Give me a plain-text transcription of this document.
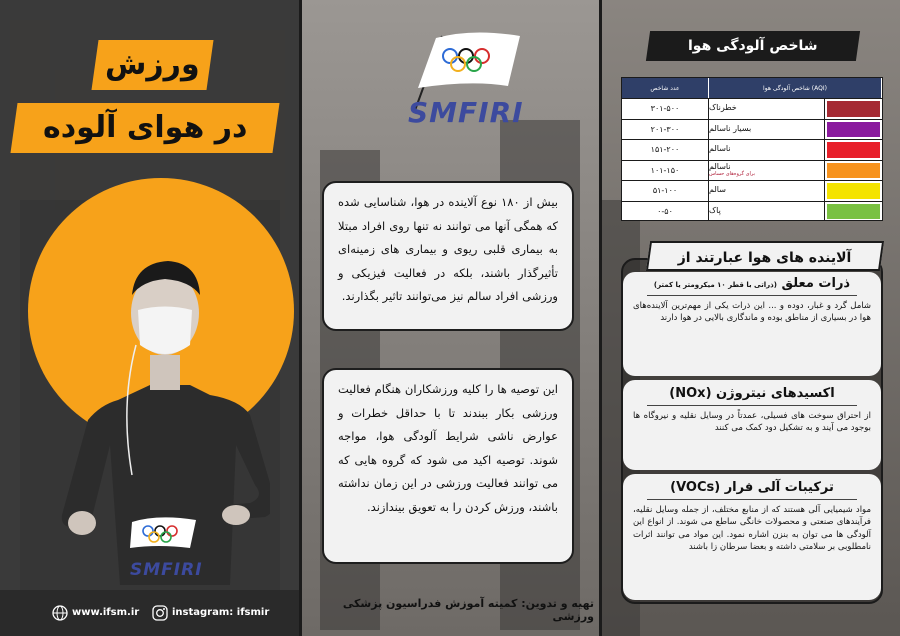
ورزش
در هوای آلوده
SMFIRI
www.ifsm.ir	instagram: ifsmir
SMFIRI
بیش از ۱۸۰ نوع آلاینده در هوا، شناسایی شده که همگی آنها می توانند نه تنها روی افراد مبتلا به بیماری قلبی ریوی و بیماری های زمینه‌ای تأثیرگذار باشند، بلکه در فعالیت فیزیکی و ورزشی افراد سالم نیز می‌توانند تاثیر بگذارند.
این توصیه ها را کلیه ورزشکاران هنگام فعالیت ورزشی بکار ببندند تا با حداقل خطرات و عوارض ناشی شرایط آلودگی هوا، مواجه شوند. توصیه اکید می شود که گروه هایی که می توانند فعالیت ورزشی در این زمان نداشته باشند، ورزش کردن را به تعویق بیندازند.
تهیه و تدوین: کمیته آموزش فدراسیون پزشکی ورزشی
شاخص آلودگی هوا
عدد شاخص	شاخص آلودگی هوا (AQI)
۳۰۱-۵۰۰	خطرناک
۲۰۱-۳۰۰	بسیار ناسالم
۱۵۱-۲۰۰	ناسالم
۱۰۱-۱۵۰	ناسالم
برای گروه‌های حساس
۵۱-۱۰۰	سالم
۰-۵۰	پاک
آلاینده های هوا عبارتند از
ذرات معلق (ذراتی با قطر ۱۰ میکرومتر یا کمتر)
شامل گرد و غبار، دوده و ... این ذرات یکی از مهم‌ترین آلاینده‌های هوا در بسیاری از مناطق بوده و ماندگاری بالایی در هوا دارند
اکسیدهای نیتروژن (NOx)
از احتراق سوخت های فسیلی، عمدتاً در وسایل نقلیه و نیروگاه ها بوجود می آیند و به تشکیل دود کمک می کنند
ترکیبات آلی فرار (VOCs)
مواد شیمیایی آلی هستند که از منابع مختلف، از جمله وسایل نقلیه، فرآیندهای صنعتی و محصولات خانگی ساطع می شوند. از انواع این آلودگی ها می توان به بنزن اشاره نمود. این مواد می توانند اثرات نامطلوبی بر سلامتی داشته و بعضا سرطان زا باشند
